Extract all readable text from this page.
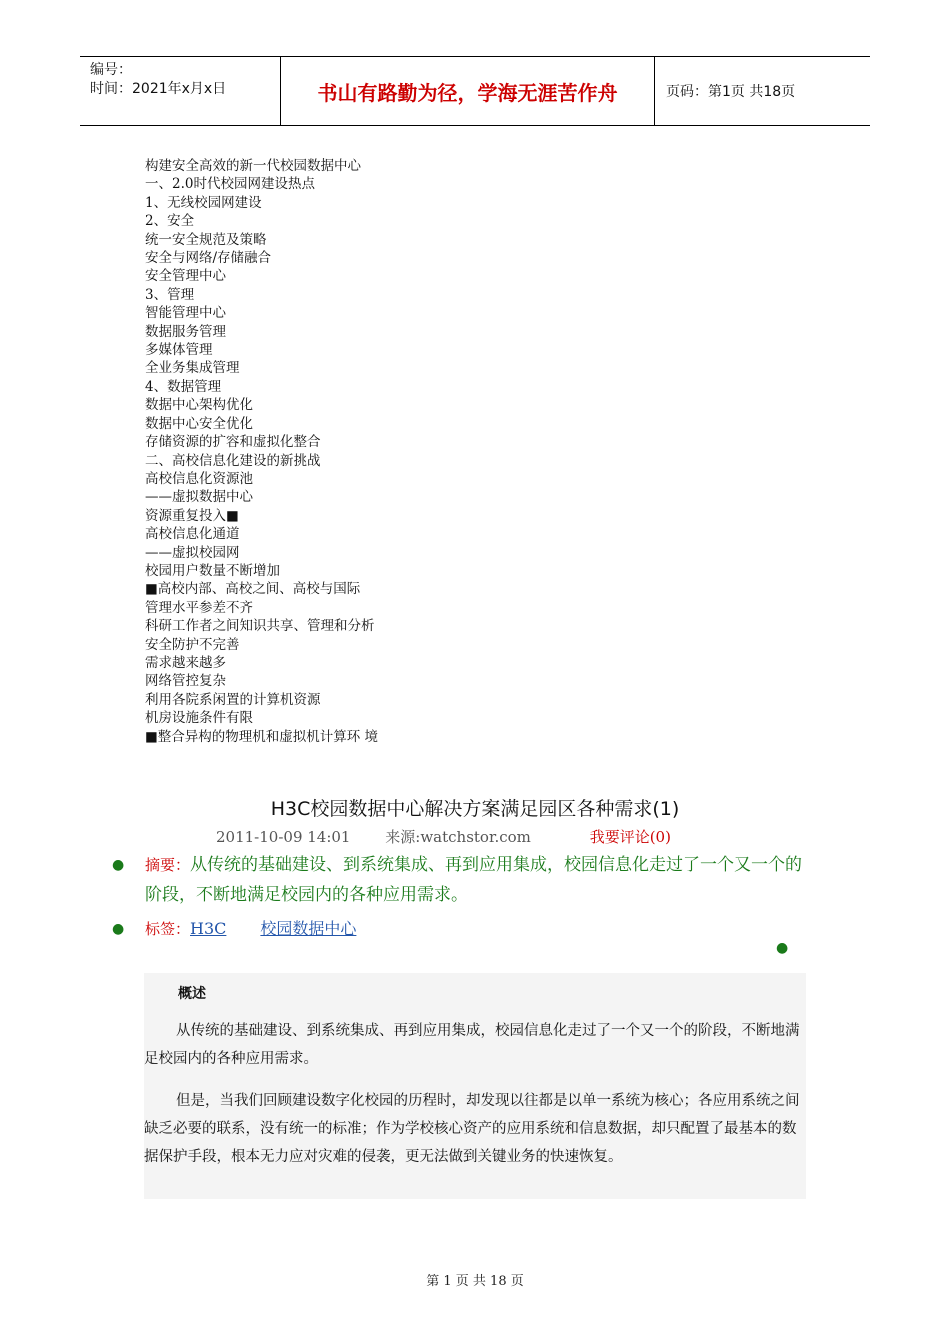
编号：
时间：2021年x月x日	书山有路勤为径，学海无涯苦作舟	页码：第1页 共18页
构建安全高效的新一代校园数据中心
一、2.0时代校园网建设热点
1、无线校园网建设
2、安全
统一安全规范及策略
安全与网络/存储融合
安全管理中心
3、管理
智能管理中心
数据服务管理
多媒体管理
全业务集成管理
4、数据管理
数据中心架构优化
数据中心安全优化
存储资源的扩容和虚拟化整合
二、高校信息化建设的新挑战
高校信息化资源池
——虚拟数据中心
资源重复投入■
高校信息化通道
——虚拟校园网
校园用户数量不断增加
■高校内部、高校之间、高校与国际
管理水平参差不齐
科研工作者之间知识共享、管理和分析
安全防护不完善
需求越来越多
网络管控复杂
利用各院系闲置的计算机资源
机房设施条件有限
■整合异构的物理机和虚拟机计算环 境
H3C校园数据中心解决方案满足园区各种需求(1)
2011-10-09 14:01 来源:watchstor.com	我要评论(0)
● 摘要：从传统的基础建设、到系统集成、再到应用集成，校园信息化走过了一个又一个的阶段，不断地满足校园内的各种应用需求。
● 标签：H3C 校园数据中心
●
概述
从传统的基础建设、到系统集成、再到应用集成，校园信息化走过了一个又一个的阶段，不断地满足校园内的各种应用需求。
但是，当我们回顾建设数字化校园的历程时，却发现以往都是以单一系统为核心；各应用系统之间缺乏必要的联系，没有统一的标准；作为学校核心资产的应用系统和信息数据，却只配置了最基本的数据保护手段，根本无力应对灾难的侵袭，更无法做到关键业务的快速恢复。
第 1 页 共 18 页
